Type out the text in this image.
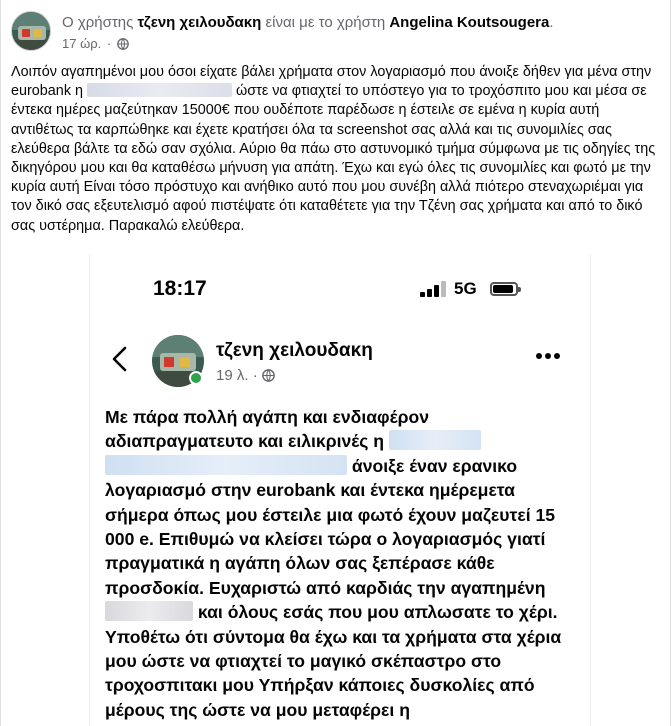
Ο χρήστης τζενη χειλουδακη είναι με το χρήστη Angelina Koutsougera.
17 ώρ. ·
Λοιπόν αγαπημένοι μου όσοι είχατε βάλει χρήματα στον λογαριασμό που άνοιξε δήθεν για μένα στην eurobank η	ώστε να φτιαχτεί το υπόστεγο για το τροχόσπιτο μου και μέσα σε έντεκα ημέρες μαζεύτηκαν 15000€ που ουδέποτε παρέδωσε η έστειλε σε εμένα η κυρία αυτή αντιθέτως τα καρπώθηκε και έχετε κρατήσει όλα τα screenshot σας αλλά και τις συνομιλίες σας ελεύθερα βάλτε τα εδώ σαν σχόλια. Αύριο θα πάω στο αστυνομικό τμήμα σύμφωνα με τις οδηγίες της δικηγόρου μου και θα καταθέσω μήνυση για απάτη. Έχω και εγώ όλες τις συνομιλίες και φωτό με την κυρία αυτή Είναι τόσο πρόστυχο και ανήθικο αυτό που μου συνέβη αλλά πιότερο στεναχωριέμαι για τον δικό σας εξευτελισμό αφού πιστέψατε ότι καταθέτετε για την Τζένη σας χρήματα και από το δικό σας υστέρημα. Παρακαλώ ελεύθερα.
18:17	5G
τζενη χειλουδακη
19 λ. ·
Με πάρα πολλή αγάπη και ενδιαφέρον αδιαπραγματευτο και ειλικρινές η   άνοιξε έναν ερανικο λογαριασμό στην eurobank και έντεκα ημέρεμετα σήμερα όπως μου έστειλε μια φωτό έχουν μαζευτεί 15 000 e. Επιθυμώ να κλείσει τώρα ο λογαριασμός γιατί πραγματικά η αγάπη όλων σας ξεπέρασε κάθε προσδοκία. Ευχαριστώ από καρδιάς την αγαπημένη  και όλους εσάς που μου απλωσατε το χέρι. Υποθέτω ότι σύντομα θα έχω και τα χρήματα στα χέρια μου ώστε να φτιαχτεί το μαγικό σκέπαστρο στο τροχοσπιτακι μου Υπήρξαν κάποιες δυσκολίες από μέρους της ώστε να μου μεταφέρει η
